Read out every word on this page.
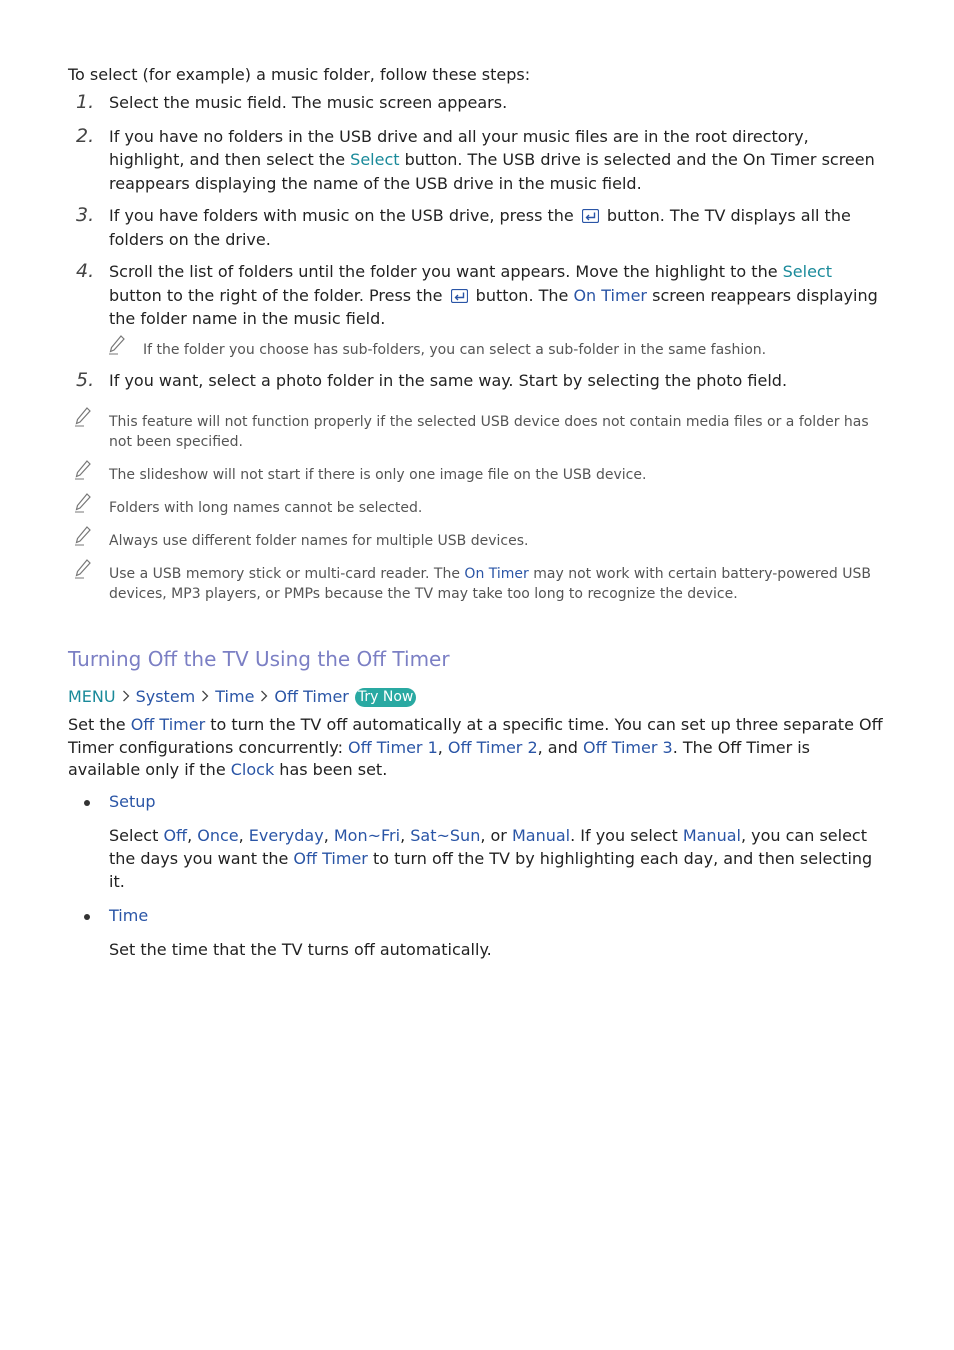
To select (for example) a music folder, follow these steps:

1. Select the music field. The music screen appears.
2. If you have no folders in the USB drive and all your music files are in the root directory, highlight, and then select the Select button. The USB drive is selected and the On Timer screen reappears displaying the name of the USB drive in the music field.
3. If you have folders with music on the USB drive, press the  button. The TV displays all the folders on the drive.
4. Scroll the list of folders until the folder you want appears. Move the highlight to the Select
button to the right of the folder. Press the  button. The On Timer screen reappears displaying the folder name in the music field.
If the folder you choose has sub-folders, you can select a sub-folder in the same fashion.
5. If you want, select a photo folder in the same way. Start by selecting the photo field.
This feature will not function properly if the selected USB device does not contain media files or a folder has not been specified.
The slideshow will not start if there is only one image file on the USB device.
Folders with long names cannot be selected.
Always use different folder names for multiple USB devices.
Use a USB memory stick or multi-card reader. The On Timer may not work with certain battery-powered USB devices, MP3 players, or PMPs because the TV may take too long to recognize the device.
Turning Off the TV Using the Off Timer
MENU System Time Off Timer Try Now

Set the Off Timer to turn the TV off automatically at a specific time. You can set up three separate Off Timer configurations concurrently: Off Timer 1, Off Timer 2, and Off Timer 3. The Off Timer is available only if the Clock has been set.

Setup

Select Off, Once, Everyday, Mon~Fri, Sat~Sun, or Manual. If you select Manual, you can select the days you want the Off Timer to turn off the TV by highlighting each day, and then selecting it.

Time

Set the time that the TV turns off automatically.
